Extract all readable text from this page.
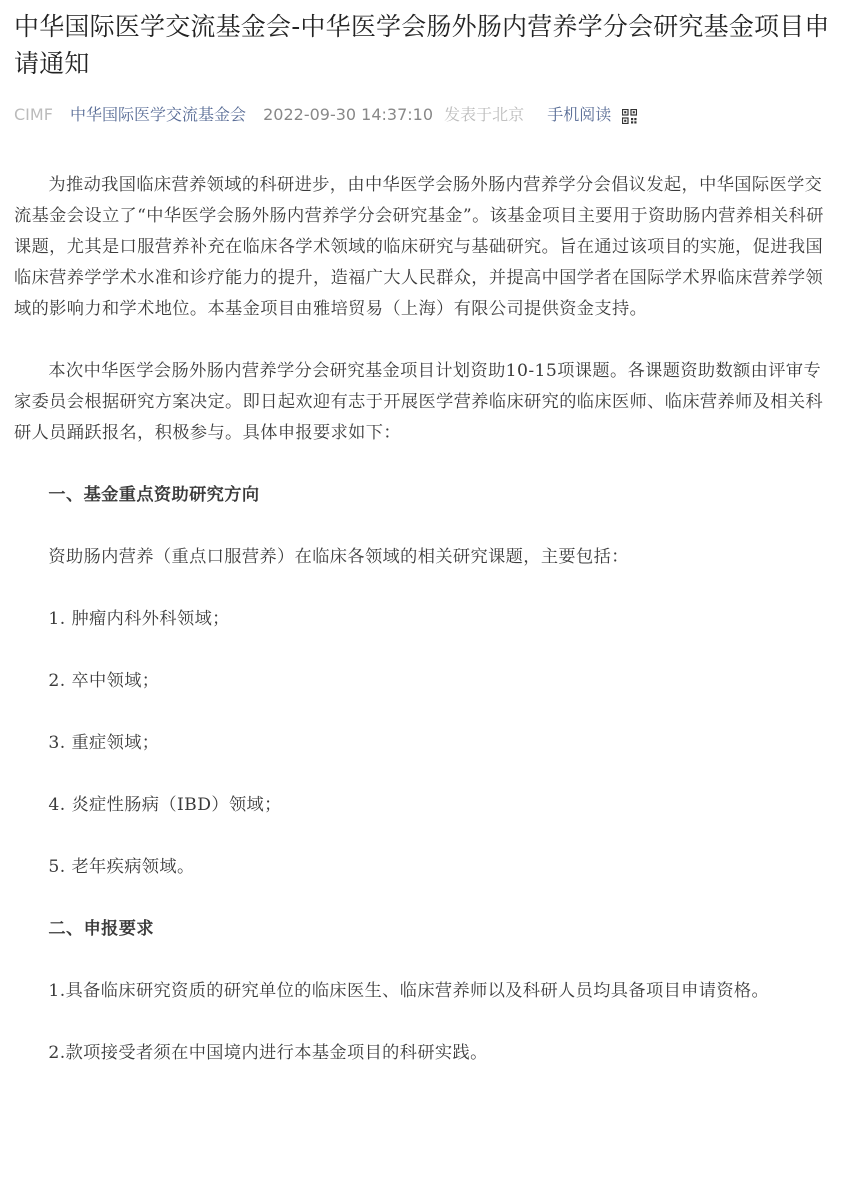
中华国际医学交流基金会-中华医学会肠外肠内营养学分会研究基金项目申请通知
CIMF 中华国际医学交流基金会 2022-09-30 14:37:10 发表于北京 手机阅读

为推动我国临床营养领域的科研进步，由中华医学会肠外肠内营养学分会倡议发起，中华国际医学交流基金会设立了“中华医学会肠外肠内营养学分会研究基金”。该基金项目主要用于资助肠内营养相关科研课题，尤其是口服营养补充在临床各学术领域的临床研究与基础研究。旨在通过该项目的实施，促进我国临床营养学学术水准和诊疗能力的提升，造福广大人民群众，并提高中国学者在国际学术界临床营养学领域的影响力和学术地位。本基金项目由雅培贸易（上海）有限公司提供资金支持。

本次中华医学会肠外肠内营养学分会研究基金项目计划资助10-15项课题。各课题资助数额由评审专家委员会根据研究方案决定。即日起欢迎有志于开展医学营养临床研究的临床医师、临床营养师及相关科研人员踊跃报名，积极参与。具体申报要求如下：

一、基金重点资助研究方向

资助肠内营养（重点口服营养）在临床各领域的相关研究课题，主要包括：

1. 肿瘤内科外科领域；

2. 卒中领域；

3. 重症领域；

4. 炎症性肠病（IBD）领域；

5. 老年疾病领域。

二、申报要求

1.具备临床研究资质的研究单位的临床医生、临床营养师以及科研人员均具备项目申请资格。

2.款项接受者须在中国境内进行本基金项目的科研实践。
